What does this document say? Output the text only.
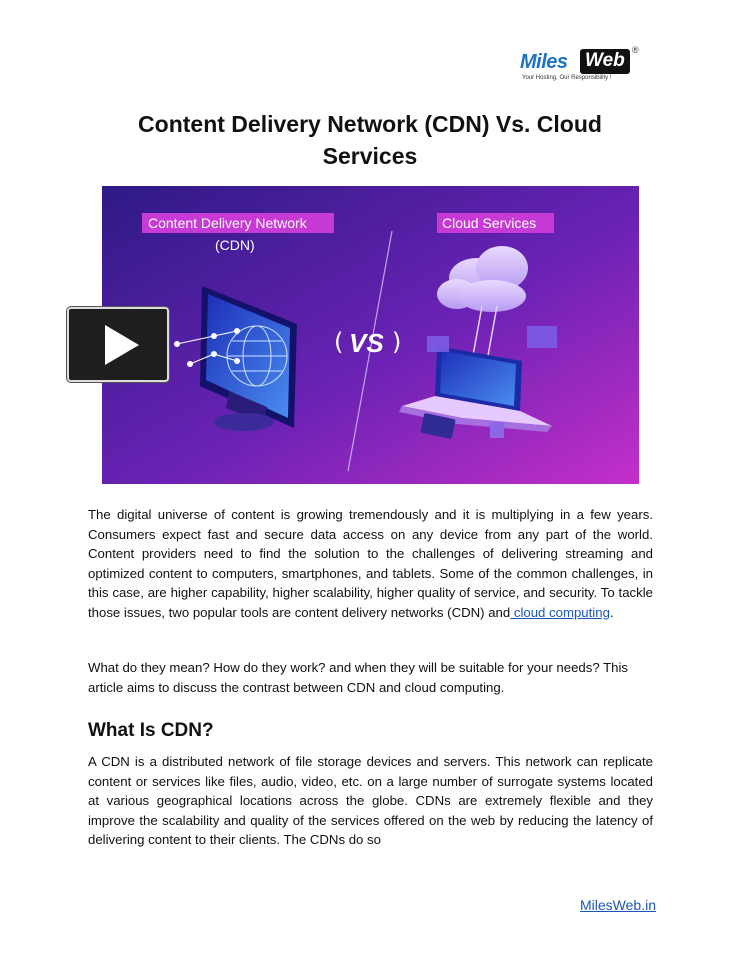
Miles Web ®
Your Hosting, Our Responsibility !
Content Delivery Network (CDN) Vs. Cloud Services
Content Delivery Network
(CDN)
Cloud Services
( VS )
The digital universe of content is growing tremendously and it is multiplying in a few years. Consumers expect fast and secure data access on any device from any part of the world. Content providers need to find the solution to the challenges of delivering streaming and optimized content to computers, smartphones, and tablets. Some of the common challenges, in this case, are higher capability, higher scalability, higher quality of service, and security. To tackle those issues, two popular tools are content delivery networks (CDN) and cloud computing.
What do they mean? How do they work? and when they will be suitable for your needs? This article aims to discuss the contrast between CDN and cloud computing.
What Is CDN?
A CDN is a distributed network of file storage devices and servers. This network can replicate content or services like files, audio, video, etc. on a large number of surrogate systems located at various geographical locations across the globe. CDNs are extremely flexible and they improve the scalability and quality of the services offered on the web by reducing the latency of delivering content to their clients. The CDNs do so
MilesWeb.in
